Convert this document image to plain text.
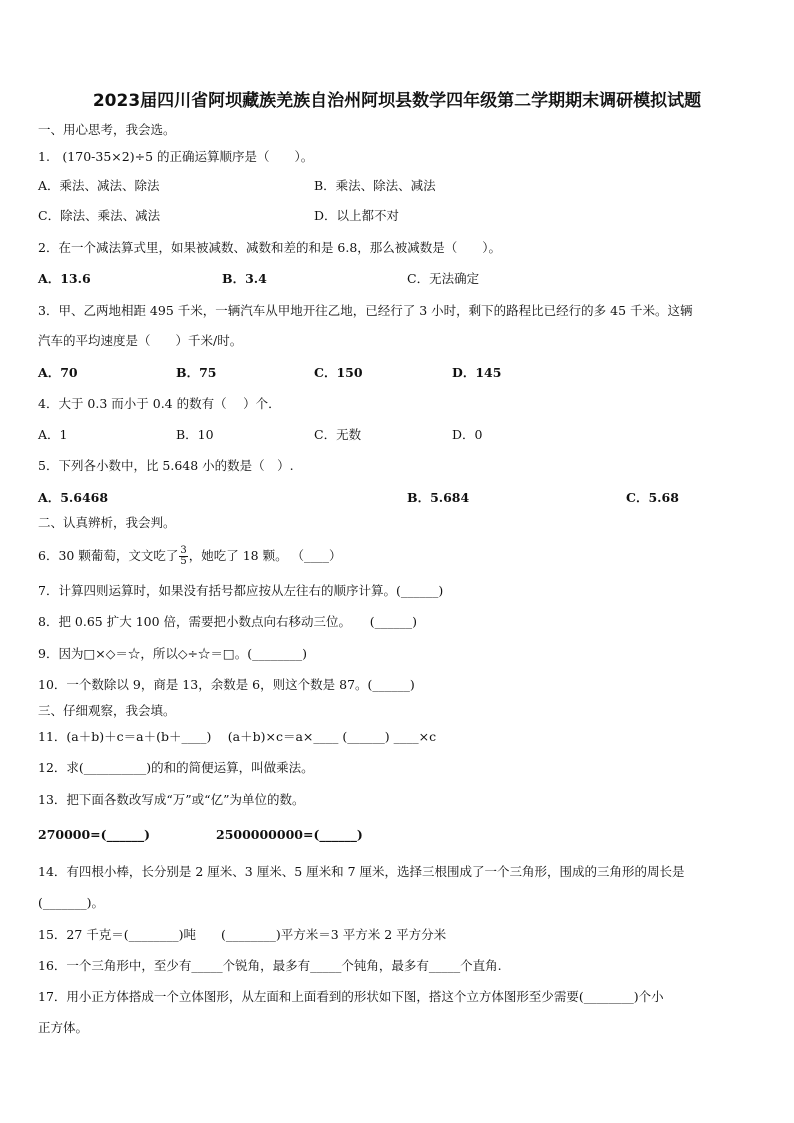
2023届四川省阿坝藏族羌族自治州阿坝县数学四年级第二学期期末调研模拟试题
一、用心思考，我会选。
1.　(170-35×2)÷5 的正确运算顺序是（　　）。
A．乘法、减法、除法	B．乘法、除法、减法
C．除法、乘法、减法	D．以上都不对
2．在一个减法算式里，如果被减数、减数和差的和是 6.8，那么被减数是（　　）。
A．13.6	B．3.4	C．无法确定
3．甲、乙两地相距 495 千米，一辆汽车从甲地开往乙地，已经行了 3 小时，剩下的路程比已经行的多 45 千米。这辆
汽车的平均速度是（　　）千米/时。
A．70	B．75	C．150	D．145
4．大于 0.3 而小于 0.4 的数有（　 ）个．
A．1	B．10	C．无数	D．0
5．下列各小数中，比 5.648 小的数是（　）.
A．5.6468	B．5.684	C．5.68
二、认真辨析，我会判。
6．30 颗葡萄，文文吃了 $\frac{3}{5}$ ，她吃了 18 颗。 （____）
7．计算四则运算时，如果没有括号都应按从左往右的顺序计算。(______)
8．把 0.65 扩大 100 倍，需要把小数点向右移动三位。　　(______)
9．因为□×◇＝☆，所以◇÷☆＝□。(________)
10．一个数除以 9，商是 13，余数是 6，则这个数是 87。(______)
三、仔细观察，我会填。
11．(a＋b)＋c＝a＋(b＋____)　 (a＋b)×c＝a×____ (______) ____×c
12．求(__________)的和的简便运算，叫做乘法。
13．把下面各数改写成“万”或“亿”为单位的数。
270000=(______)	2500000000=(______)
14．有四根小棒，长分别是 2 厘米、3 厘米、5 厘米和 7 厘米，选择三根围成了一个三角形，围成的三角形的周长是
(_______)。
15．27 千克＝(________)吨　　(________)平方米＝3 平方米 2 平方分米
16．一个三角形中，至少有_____个锐角，最多有_____个钝角，最多有_____个直角.
17．用小正方体搭成一个立体图形，从左面和上面看到的形状如下图，搭这个立方体图形至少需要(________)个小
正方体。
